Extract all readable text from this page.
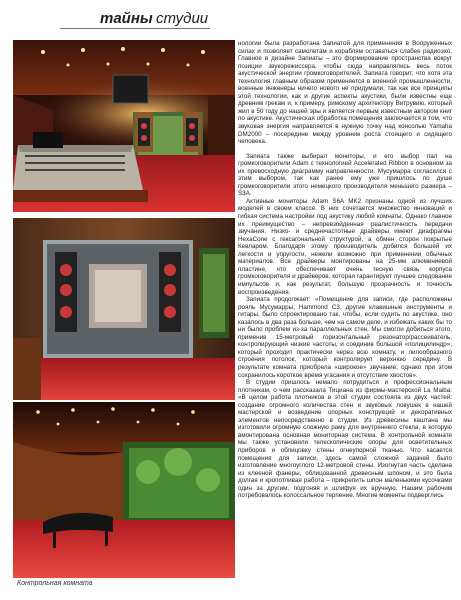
тайны студии
Контрольная комната

нологии была разработана Запиатой для применения в Вооруженных силах и позволяет самолетам и кораблям оставаться слабее радиоэхо. Главное в дизайне Запиаты – это формирование пространства вокруг позиции звукорежиссера, чтобы сюда направлялись весь поток акустической энергии громкоговорителей. Запиата говорит, что хотя эта технология главным образом применяется в военной промышленности, военные инженеры ничего нового не придумали, так как все принципы этой технологии, как и другие аспекты акустики, были известны еще древним грекам и, к примеру, римскому архитектору Витрувию, который жил в 50 году до нашей эры и является первым известным автором книг по акустике. Акустическая обработка помещения заключается в том, что звуковая энергия направляется в нужную точку над консолью Yamaha DM2000 – посередине между уровнем роста стоящего и сидящего человека.

Запиата также выбирал мониторы, и его выбор пал на громкоговорители Adam с технологией Accelerated Ribbon в основном за их превосходную диаграмму направленности. Мусумарра согласился с этим выбором, так как ранее ему уже пришлось по душе громкоговорители этого немецкого производителя меньшего размера – S3A.

Активные мониторы Adam S6A MK2 признаны одной из лучших моделей в своем классе. В них сочетается множество инноваций и гибкая система настройки под акустику любой комнаты. Однако главное их преимущество – непревзойденная реалистичность передачи звучания. Низко- и среднечастотные драйверы имеют диафрагмы HexaCone с гексагональной структурой, а обмен сторон покрытые Кевларом. Благодаря этому производитель добился большей их легкости и упругости, нежели возможно при применении обычных материалов. Все драйверы монтированы на 25-мм алюминиевой пластине, что обеспечивает очень тесную связь корпуса громкоговорителя и драйверов, которая гарантирует лучшее следование импульсов и, как результат, большую прозрачность и точность воспроизведения.

Запиата продолжает: «Помещение для записи, где расположены рояль Мусумарры, Hammond C3, другие клавишные инструменты и гитары, было спроектировано так, чтобы, если судить по акустике, оно казалось в два раза больше, чем на самом деле, и избежать каких бы то ни было проблем из-за параллельных стен. Мы смогли добиться этого, применив 15-метровый горизонтальный резонатор/рассеиватель, контролирующий низкие частоты, и соединив большой «полицилиндр», который проходит практически через всю комнату, и лилообразного строения потолок, который контролирует верхнюю середину. В результате комната приобрела «широкое» звучание, однако при этом сохранилось короткое время угасания и отсутствие хвостов».

В студии пришлось немало потрудиться и профессиональным плотникам, о чем рассказала Тициана из фирмы-мастерской La Maiba: «В целом работа плотников в этой студии состояла из двух частей: создание огромного количества стен и звуковых ловушек в нашей мастерской и возведение опорных конструкций и декоративных элементов непосредственно в студии. Из древесины каштана мы изготовили огромную сложную раму для внутреннего стекла, в которую вмонтирована основная мониторная система. В контрольной комнате мы также установили телескопические опоры для осветительных приборов и облицовку стены огнеупорной тканью. Что касается помещения для записи, здесь самой сложной задачей было изготовление многоуглого 12-метровой стены. Изогнутая часть сделана из клееной фанеры, облицованной древесным шпоном, и это была долгая и кропотливая работа – прикрепить шпон маленькими кусочками один за другим, подгоняя и шлифуя их вручную. Нашим рабочим потребовалось колоссальное терпение. Многие моменты подверглись
